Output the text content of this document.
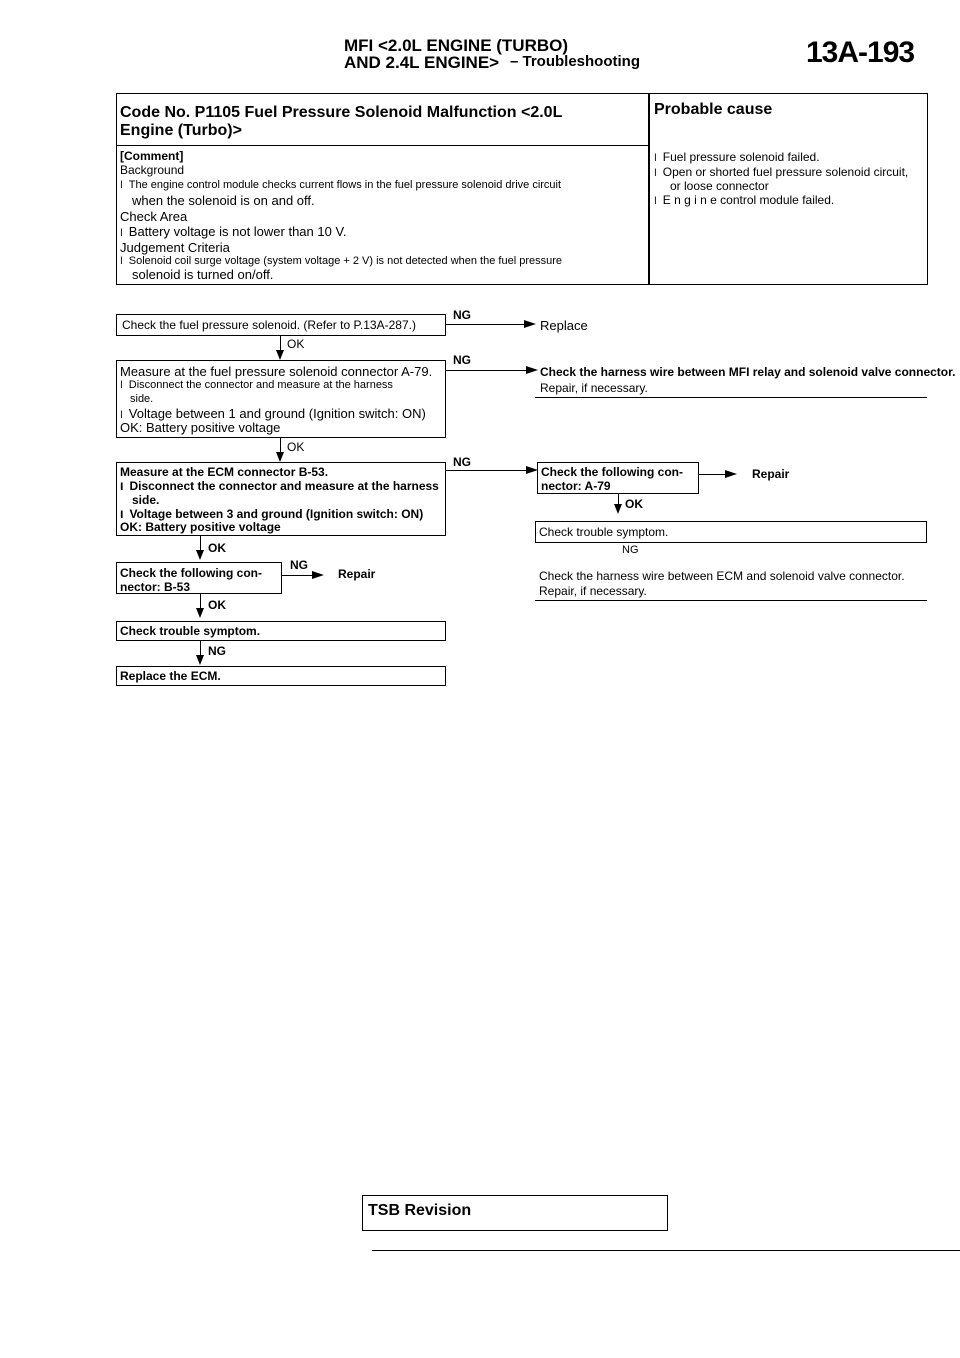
MFI <2.0L ENGINE (TURBO)
AND 2.4L ENGINE> – Troubleshooting	13A-193
Code No. P1105 Fuel Pressure Solenoid Malfunction <2.0L
Engine (Turbo)>
[Comment]
Background
l The engine control module checks current flows in the fuel pressure solenoid drive circuit
when the solenoid is on and off.
Check Area
l Battery voltage is not lower than 10 V.
Judgement Criteria
l Solenoid coil surge voltage (system voltage + 2 V) is not detected when the fuel pressure
solenoid is turned on/off.
Probable cause
l Fuel pressure solenoid failed.
l Open or shorted fuel pressure solenoid circuit,
or loose connector
l E n g i n e control module failed.
Check the fuel pressure solenoid. (Refer to P.13A-287.)
NG
Replace
OK
Measure at the fuel pressure solenoid connector A-79.
l Disconnect the connector and measure at the harness
side.
l Voltage between 1 and ground (Ignition switch: ON)
OK: Battery positive voltage
NG
Check the harness wire between MFI relay and solenoid valve connector.
Repair, if necessary.
OK
Measure at the ECM connector B-53.
l Disconnect the connector and measure at the harness
side.
l Voltage between 3 and ground (Ignition switch: ON)
OK: Battery positive voltage
NG
Check the following con-
nector: A-79
Repair
OK
Check trouble symptom.
NG
Check the harness wire between ECM and solenoid valve connector.
Repair, if necessary.
OK
Check the following con-
nector: B-53
NG
Repair
OK
Check trouble symptom.
NG
Replace the ECM.
TSB Revision
